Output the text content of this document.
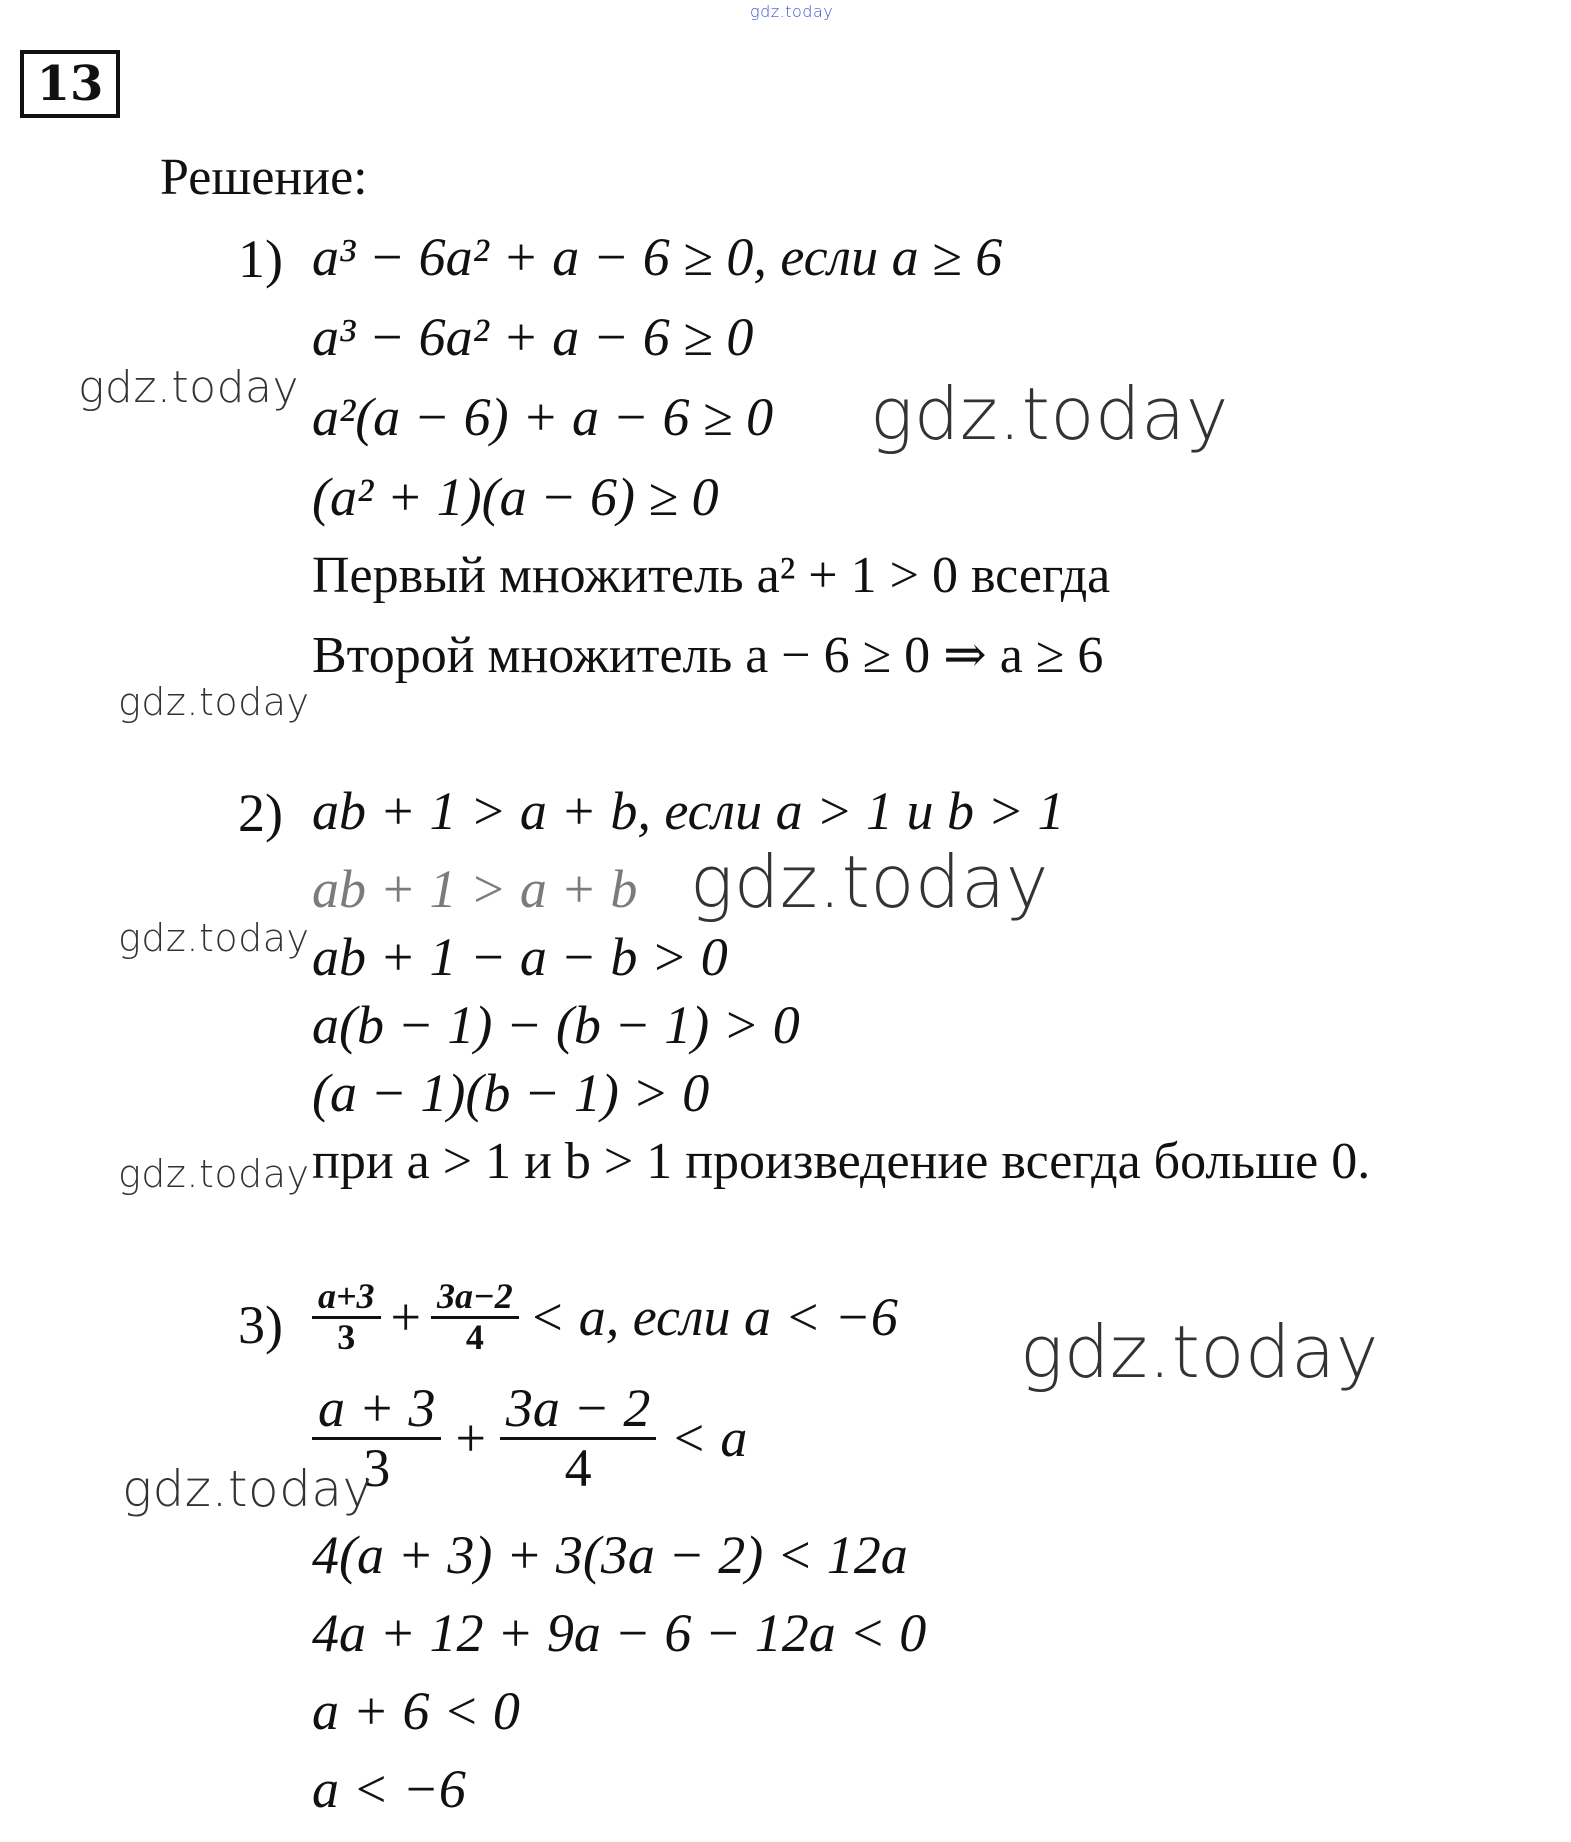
gdz.today
13
Решение:
1) a³ − 6a² + a − 6 ≥ 0, если a ≥ 6
a³ − 6a² + a − 6 ≥ 0
a²(a − 6) + a − 6 ≥ 0
(a² + 1)(a − 6) ≥ 0
Первый множитель a² + 1 > 0 всегда
Второй множитель a − 6 ≥ 0 ⇒ a ≥ 6
2) ab + 1 > a + b, если a > 1 и b > 1
ab + 1 > a + b
ab + 1 − a − b > 0
a(b − 1) − (b − 1) > 0
(a − 1)(b − 1) > 0
при a > 1 и b > 1 произведение всегда больше 0.
$3) \frac{a+3}{3} + \frac{3a-2}{4} < a$, если a < −6
$\frac{a + 3}{3} + \frac{3a - 2}{4} < a$
4(a + 3) + 3(3a − 2) < 12a
4a + 12 + 9a − 6 − 12a < 0
a + 6 < 0
a < −6
gdz.today	gdz.today
gdz.today
gdz.today
gdz.today
gdz.today
gdz.today
gdz.today
